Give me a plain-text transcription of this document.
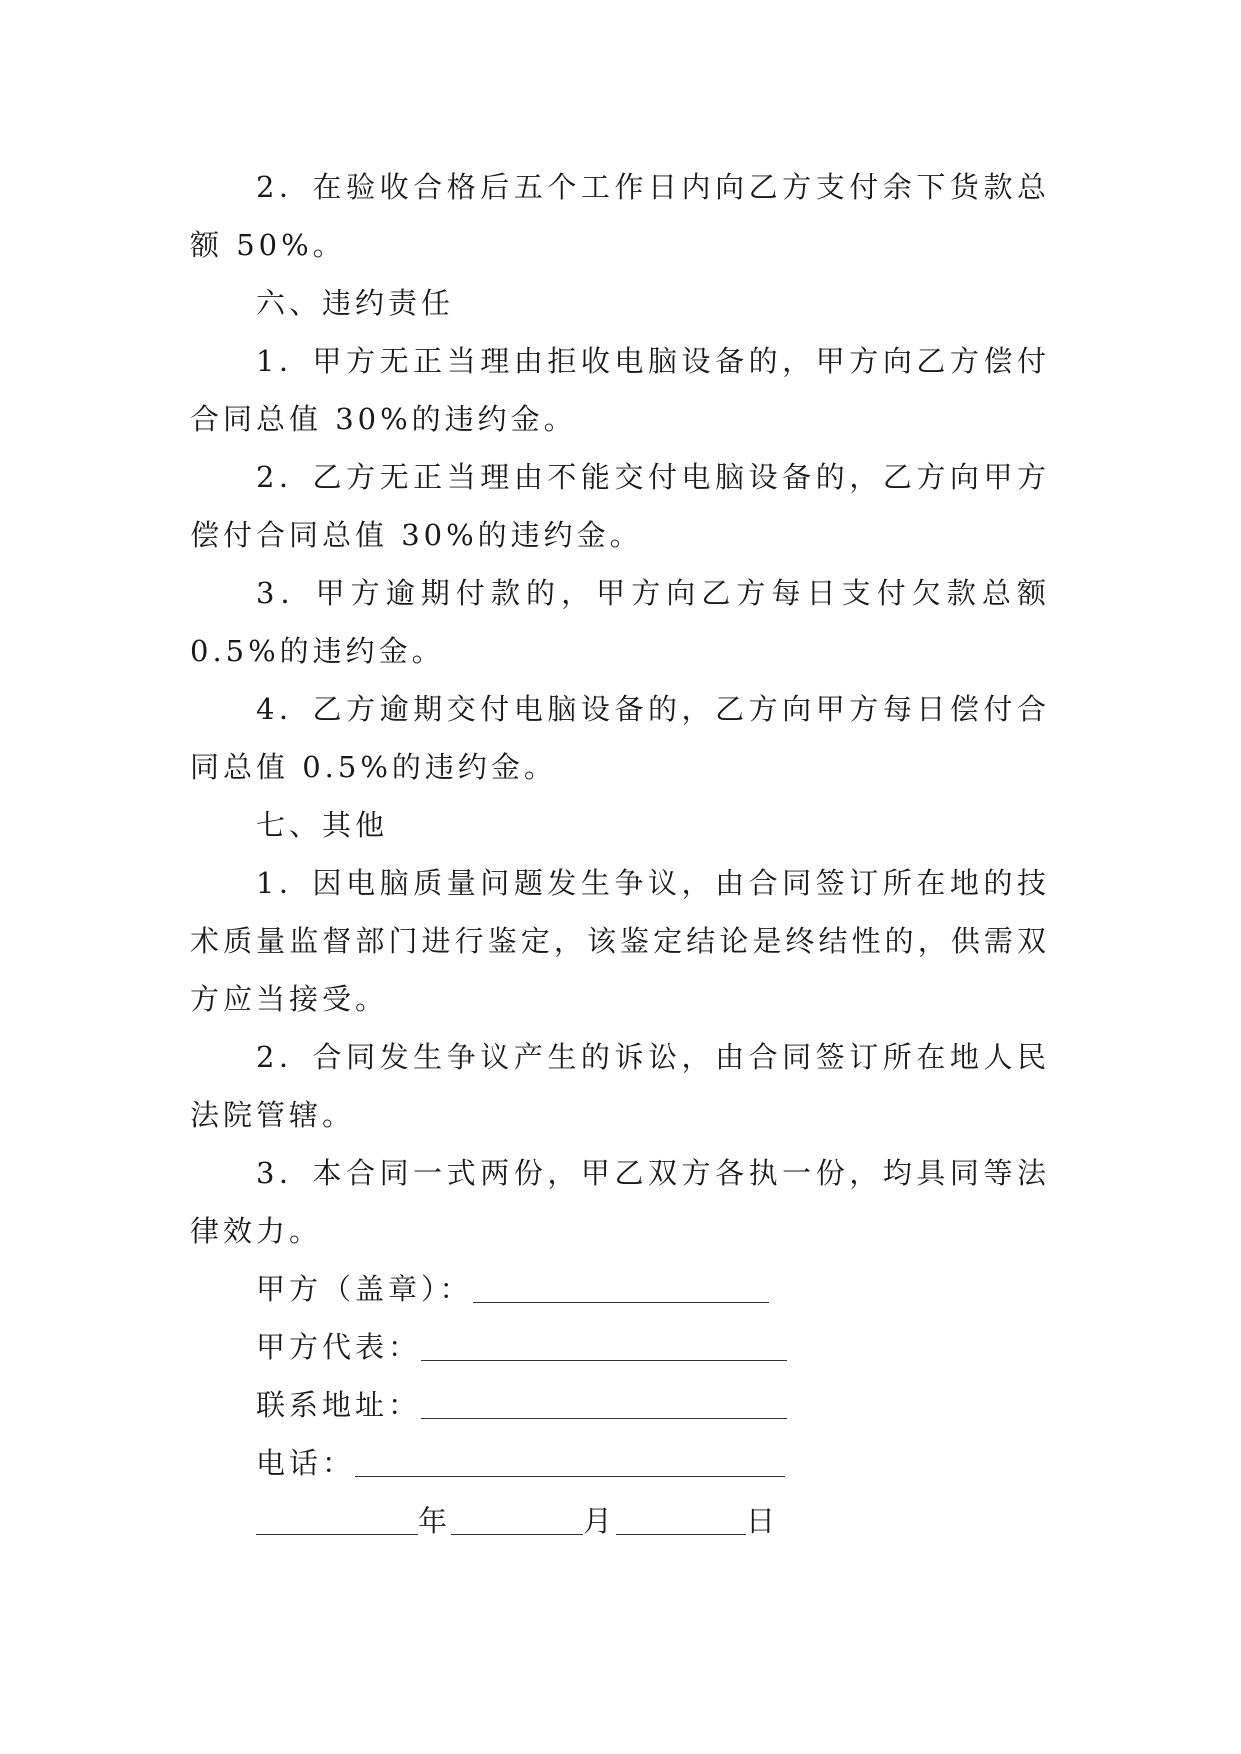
2．在验收合格后五个工作日内向乙方支付余下货款总额 50%。

六、违约责任

1．甲方无正当理由拒收电脑设备的，甲方向乙方偿付合同总值 30%的违约金。

2．乙方无正当理由不能交付电脑设备的，乙方向甲方偿付合同总值 30%的违约金。

3．甲方逾期付款的，甲方向乙方每日支付欠款总额 0.5%的违约金。

4．乙方逾期交付电脑设备的，乙方向甲方每日偿付合同总值 0.5%的违约金。

七、其他

1．因电脑质量问题发生争议，由合同签订所在地的技术质量监督部门进行鉴定，该鉴定结论是终结性的，供需双方应当接受。

2．合同发生争议产生的诉讼，由合同签订所在地人民法院管辖。

3．本合同一式两份，甲乙双方各执一份，均具同等法律效力。

甲方（盖章）：
甲方代表：
联系地址：
电话：
年	月	日
